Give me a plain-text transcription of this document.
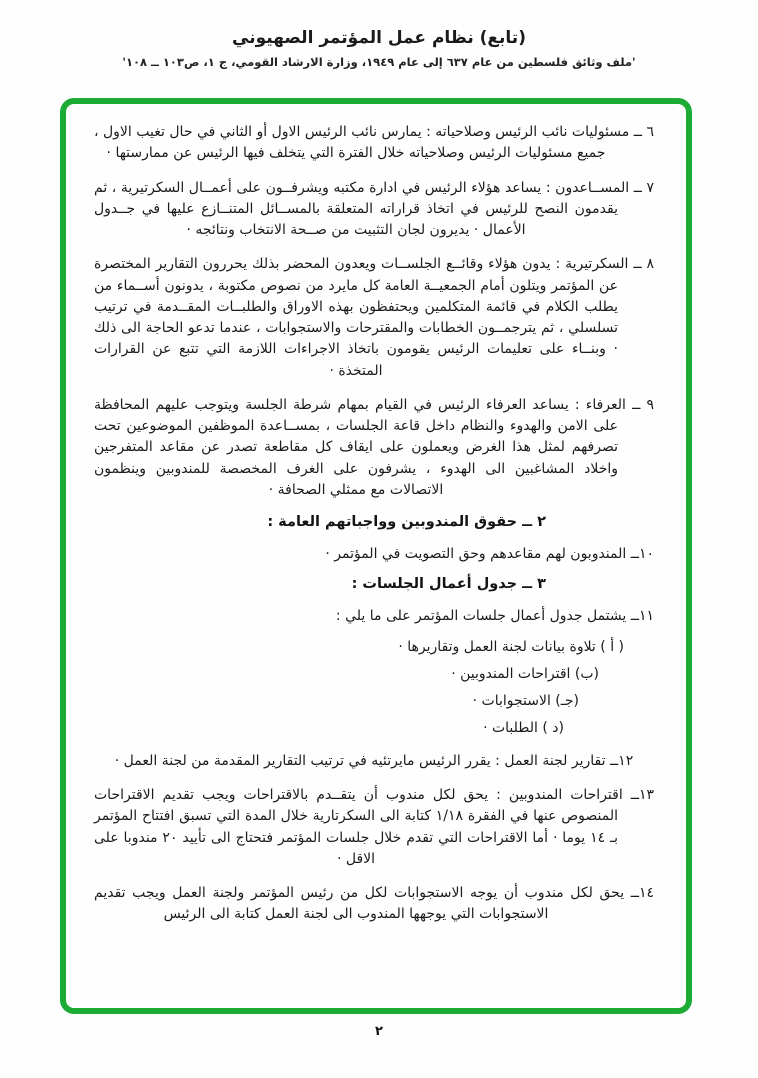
(تابع) نظام عمل المؤتمر الصهيوني
'ملف وثائق فلسطين من عام ٦٣٧ إلى عام ١٩٤٩، وزارة الارشاد القومي، ج ١، ص١٠٣ ــ ١٠٨'

٦ ــ مسئوليات نائب الرئيس وصلاحياته : يمارس نائب الرئيس الاول أو الثاني في حال تغيب الاول ، جميع مسئوليات الرئيس وصلاحياته خلال الفترة التي يتخلف فيها الرئيس عن ممارستها ·

٧ ــ المســاعدون : يساعد هؤلاء الرئيس في ادارة مكتبه ويشرفــون على أعمــال السكرتيرية ، ثم يقدمون النصح للرئيس في اتخاذ قراراته المتعلقة بالمســائل المتنــازع عليها في جــدول الأعمال · يديرون لجان التثبيت من صــحة الانتخاب ونتائجه ·

٨ ــ السكرتيرية : يدون هؤلاء وقائــع الجلســات ويعدون المحضر بذلك يحررون التقارير المختصرة عن المؤتمر ويتلون أمام الجمعيــة العامة كل مايرد من نصوص مكتوبة ، يدونون أســماء من يطلب الكلام في قائمة المتكلمين ويحتفظون بهذه الاوراق والطلبــات المقــدمة في ترتيب تسلسلي ، ثم يترجمــون الخطابات والمقترحات والاستجوابات ، عندما تدعو الحاجة الى ذلك · وبنــاء على تعليمات الرئيس يقومون باتخاذ الاجراءات اللازمة التي تتبع عن القرارات المتخذة ·

٩ ــ العرفاء : يساعد العرفاء الرئيس في القيام بمهام شرطة الجلسة ويتوجب عليهم المحافظة على الامن والهدوء والنظام داخل قاعة الجلسات ، بمســاعدة الموظفين الموضوعين تحت تصرفهم لمثل هذا الغرض ويعملون على ايقاف كل مقاطعة تصدر عن مقاعد المتفرجين واخلاد المشاغبين الى الهدوء ، يشرفون على الغرف المخصصة للمندوبين وينظمون الاتصالات مع ممثلي الصحافة ·

٢ ــ حقوق المندوبين وواجباتهم العامة :

١٠ــ المندوبون لهم مقاعدهم وحق التصويت في المؤتمر ·

٣ ــ جدول أعمال الجلسات :

١١ــ يشتمل جدول أعمال جلسات المؤتمر على ما يلي :

( أ ) تلاوة بيانات لجنة العمل وتقاريرها ·

(ب) اقتراحات المندوبين ·

(جـ) الاستجوابات ·

(د ) الطلبات ·

١٢ــ تقارير لجنة العمل : يقرر الرئيس مايرتئيه في ترتيب التقارير المقدمة من لجنة العمل ·

١٣ــ اقتراحات المندوبين : يحق لكل مندوب أن يتقــدم بالاقتراحات ويجب تقديم الاقتراحات المنصوص عنها في الفقرة ١/١٨ كتابة الى السكرتارية خلال المدة التي تسبق افتتاح المؤتمر بـ ١٤ يوما · أما الاقتراحات التي تقدم خلال جلسات المؤتمر فتحتاج الى تأييد ٢٠ مندوبا على الاقل ·

١٤ــ يحق لكل مندوب أن يوجه الاستجوابات لكل من رئيس المؤتمر ولجنة العمل ويجب تقديم الاستجوابات التي يوجهها المندوب الى لجنة العمل كتابة الى الرئيس

٢
